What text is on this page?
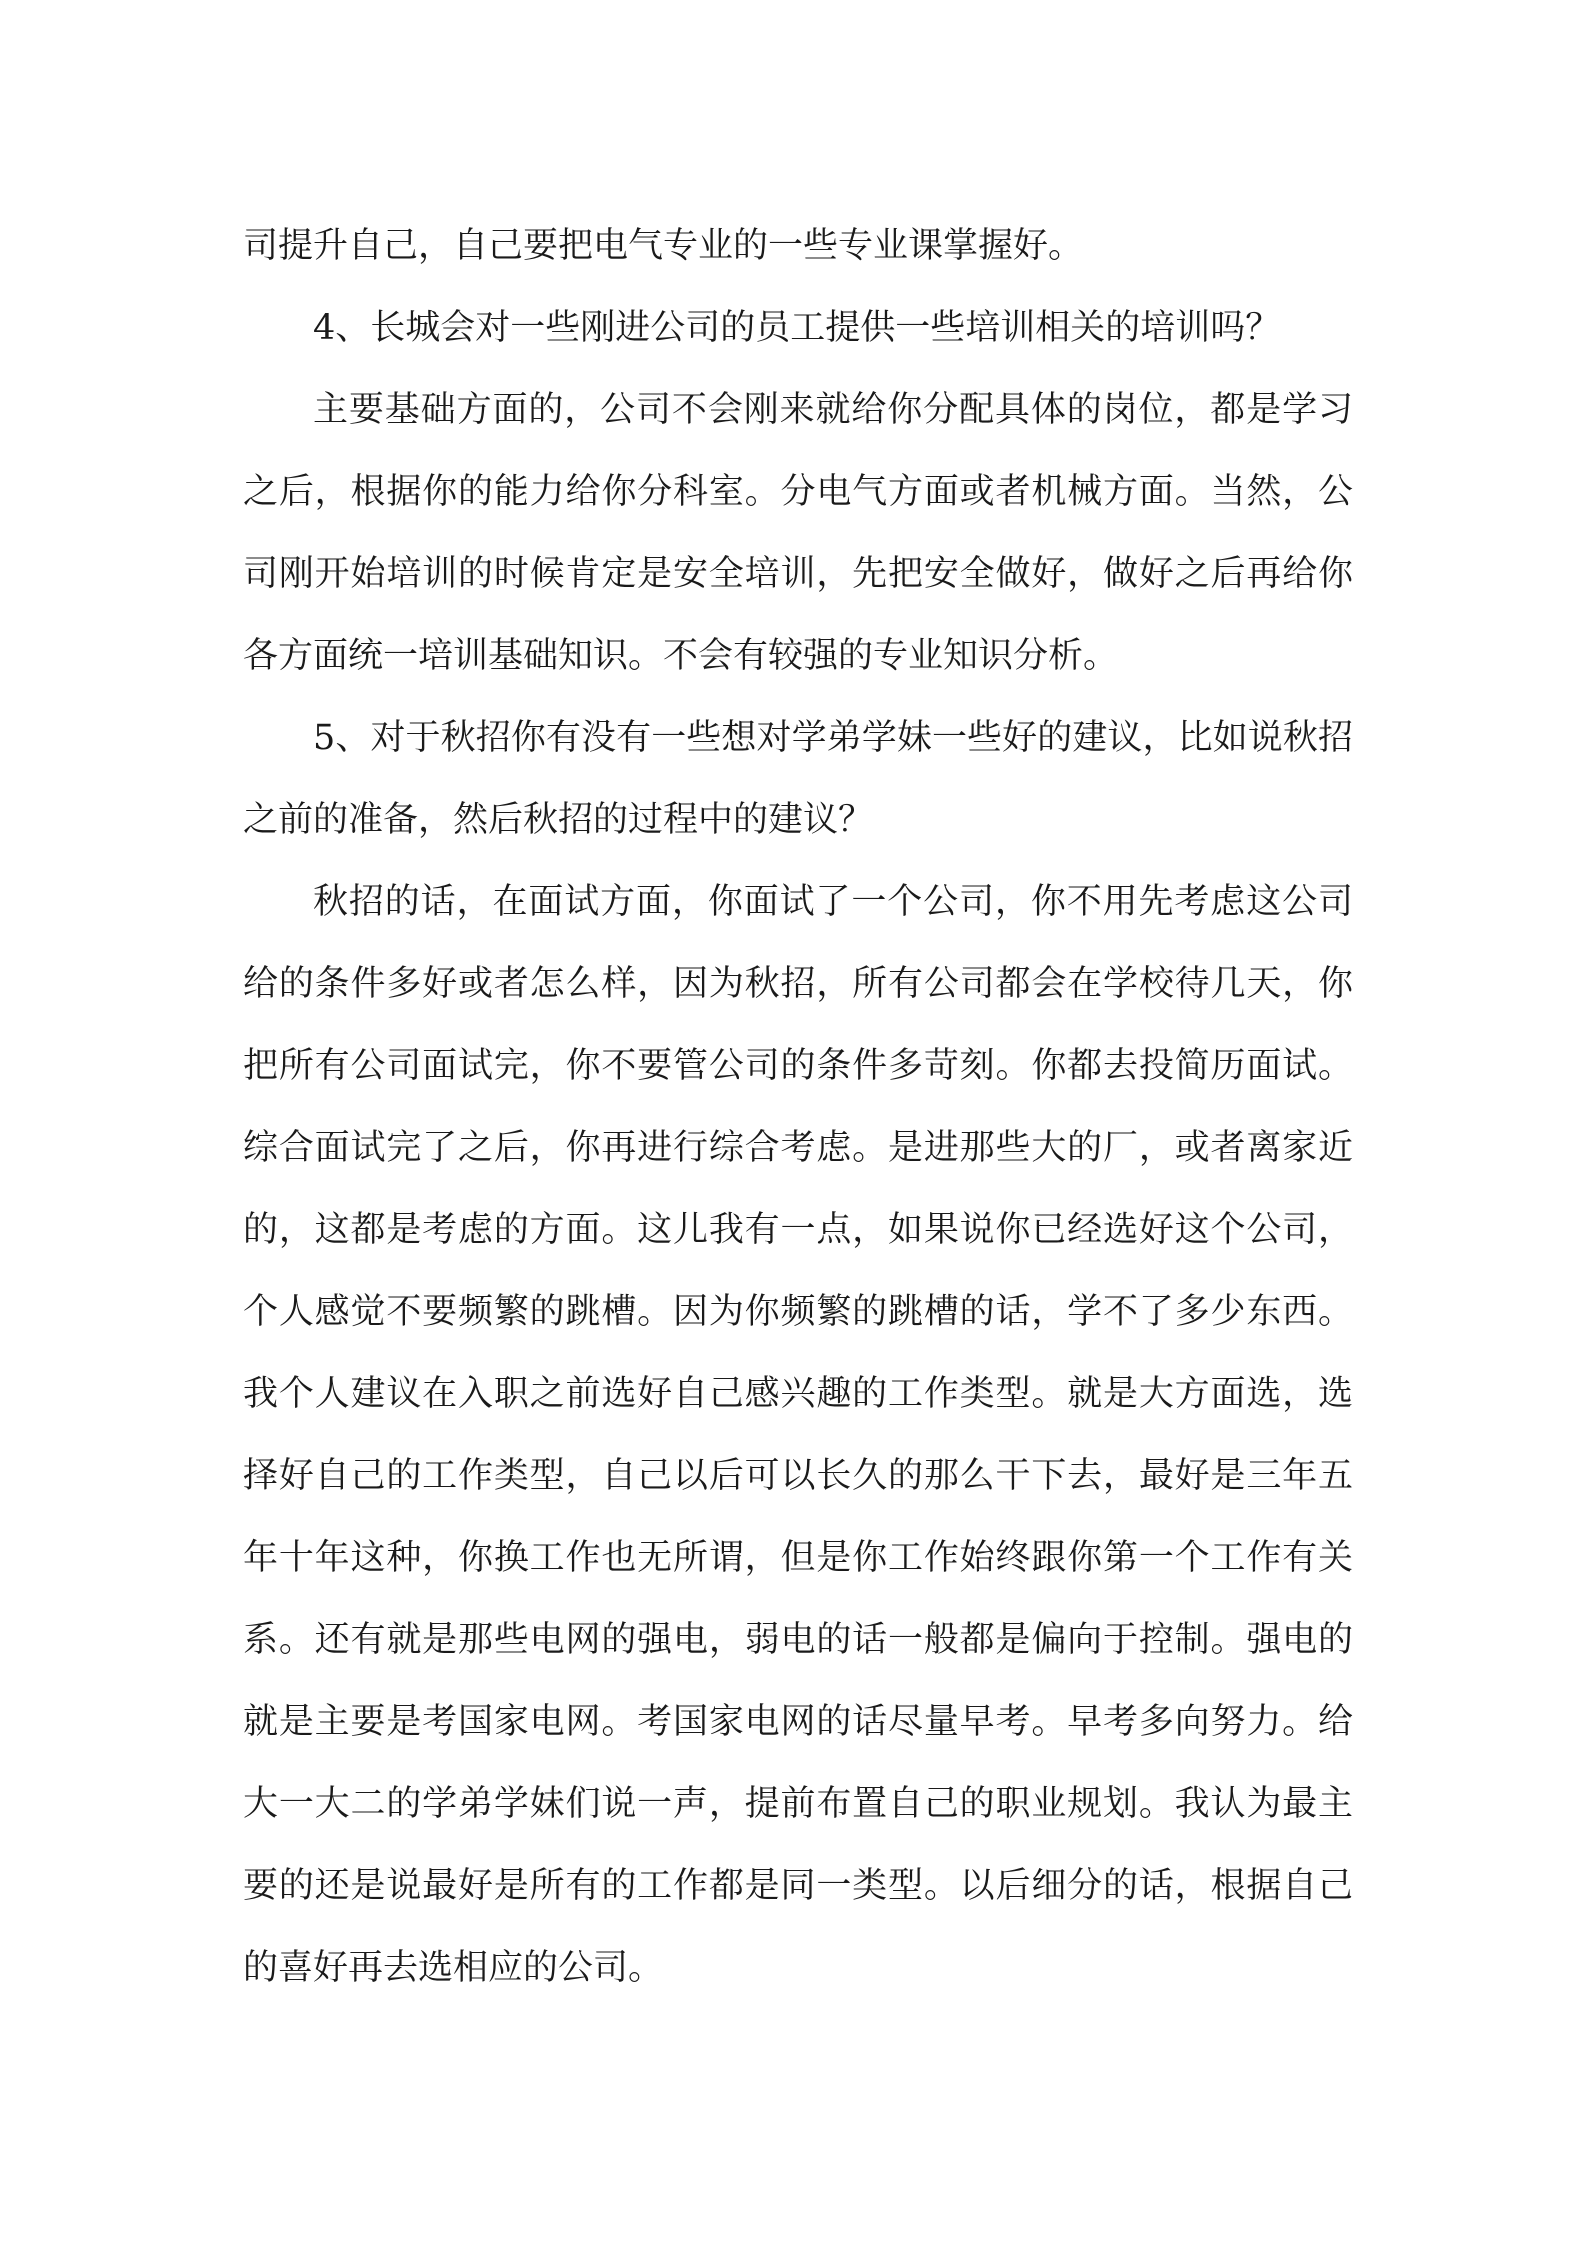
司提升自己，自己要把电气专业的一些专业课掌握好。

4、长城会对一些刚进公司的员工提供一些培训相关的培训吗？

主要基础方面的，公司不会刚来就给你分配具体的岗位，都是学习之后，根据你的能力给你分科室。分电气方面或者机械方面。当然，公司刚开始培训的时候肯定是安全培训，先把安全做好，做好之后再给你各方面统一培训基础知识。不会有较强的专业知识分析。

5、对于秋招你有没有一些想对学弟学妹一些好的建议，比如说秋招之前的准备，然后秋招的过程中的建议？

秋招的话，在面试方面，你面试了一个公司，你不用先考虑这公司给的条件多好或者怎么样，因为秋招，所有公司都会在学校待几天，你把所有公司面试完，你不要管公司的条件多苛刻。你都去投简历面试。综合面试完了之后，你再进行综合考虑。是进那些大的厂，或者离家近的，这都是考虑的方面。这儿我有一点，如果说你已经选好这个公司，个人感觉不要频繁的跳槽。因为你频繁的跳槽的话，学不了多少东西。我个人建议在入职之前选好自己感兴趣的工作类型。就是大方面选，选择好自己的工作类型，自己以后可以长久的那么干下去，最好是三年五年十年这种，你换工作也无所谓，但是你工作始终跟你第一个工作有关系。还有就是那些电网的强电，弱电的话一般都是偏向于控制。强电的就是主要是考国家电网。考国家电网的话尽量早考。早考多向努力。给大一大二的学弟学妹们说一声，提前布置自己的职业规划。我认为最主要的还是说最好是所有的工作都是同一类型。以后细分的话，根据自己的喜好再去选相应的公司。
